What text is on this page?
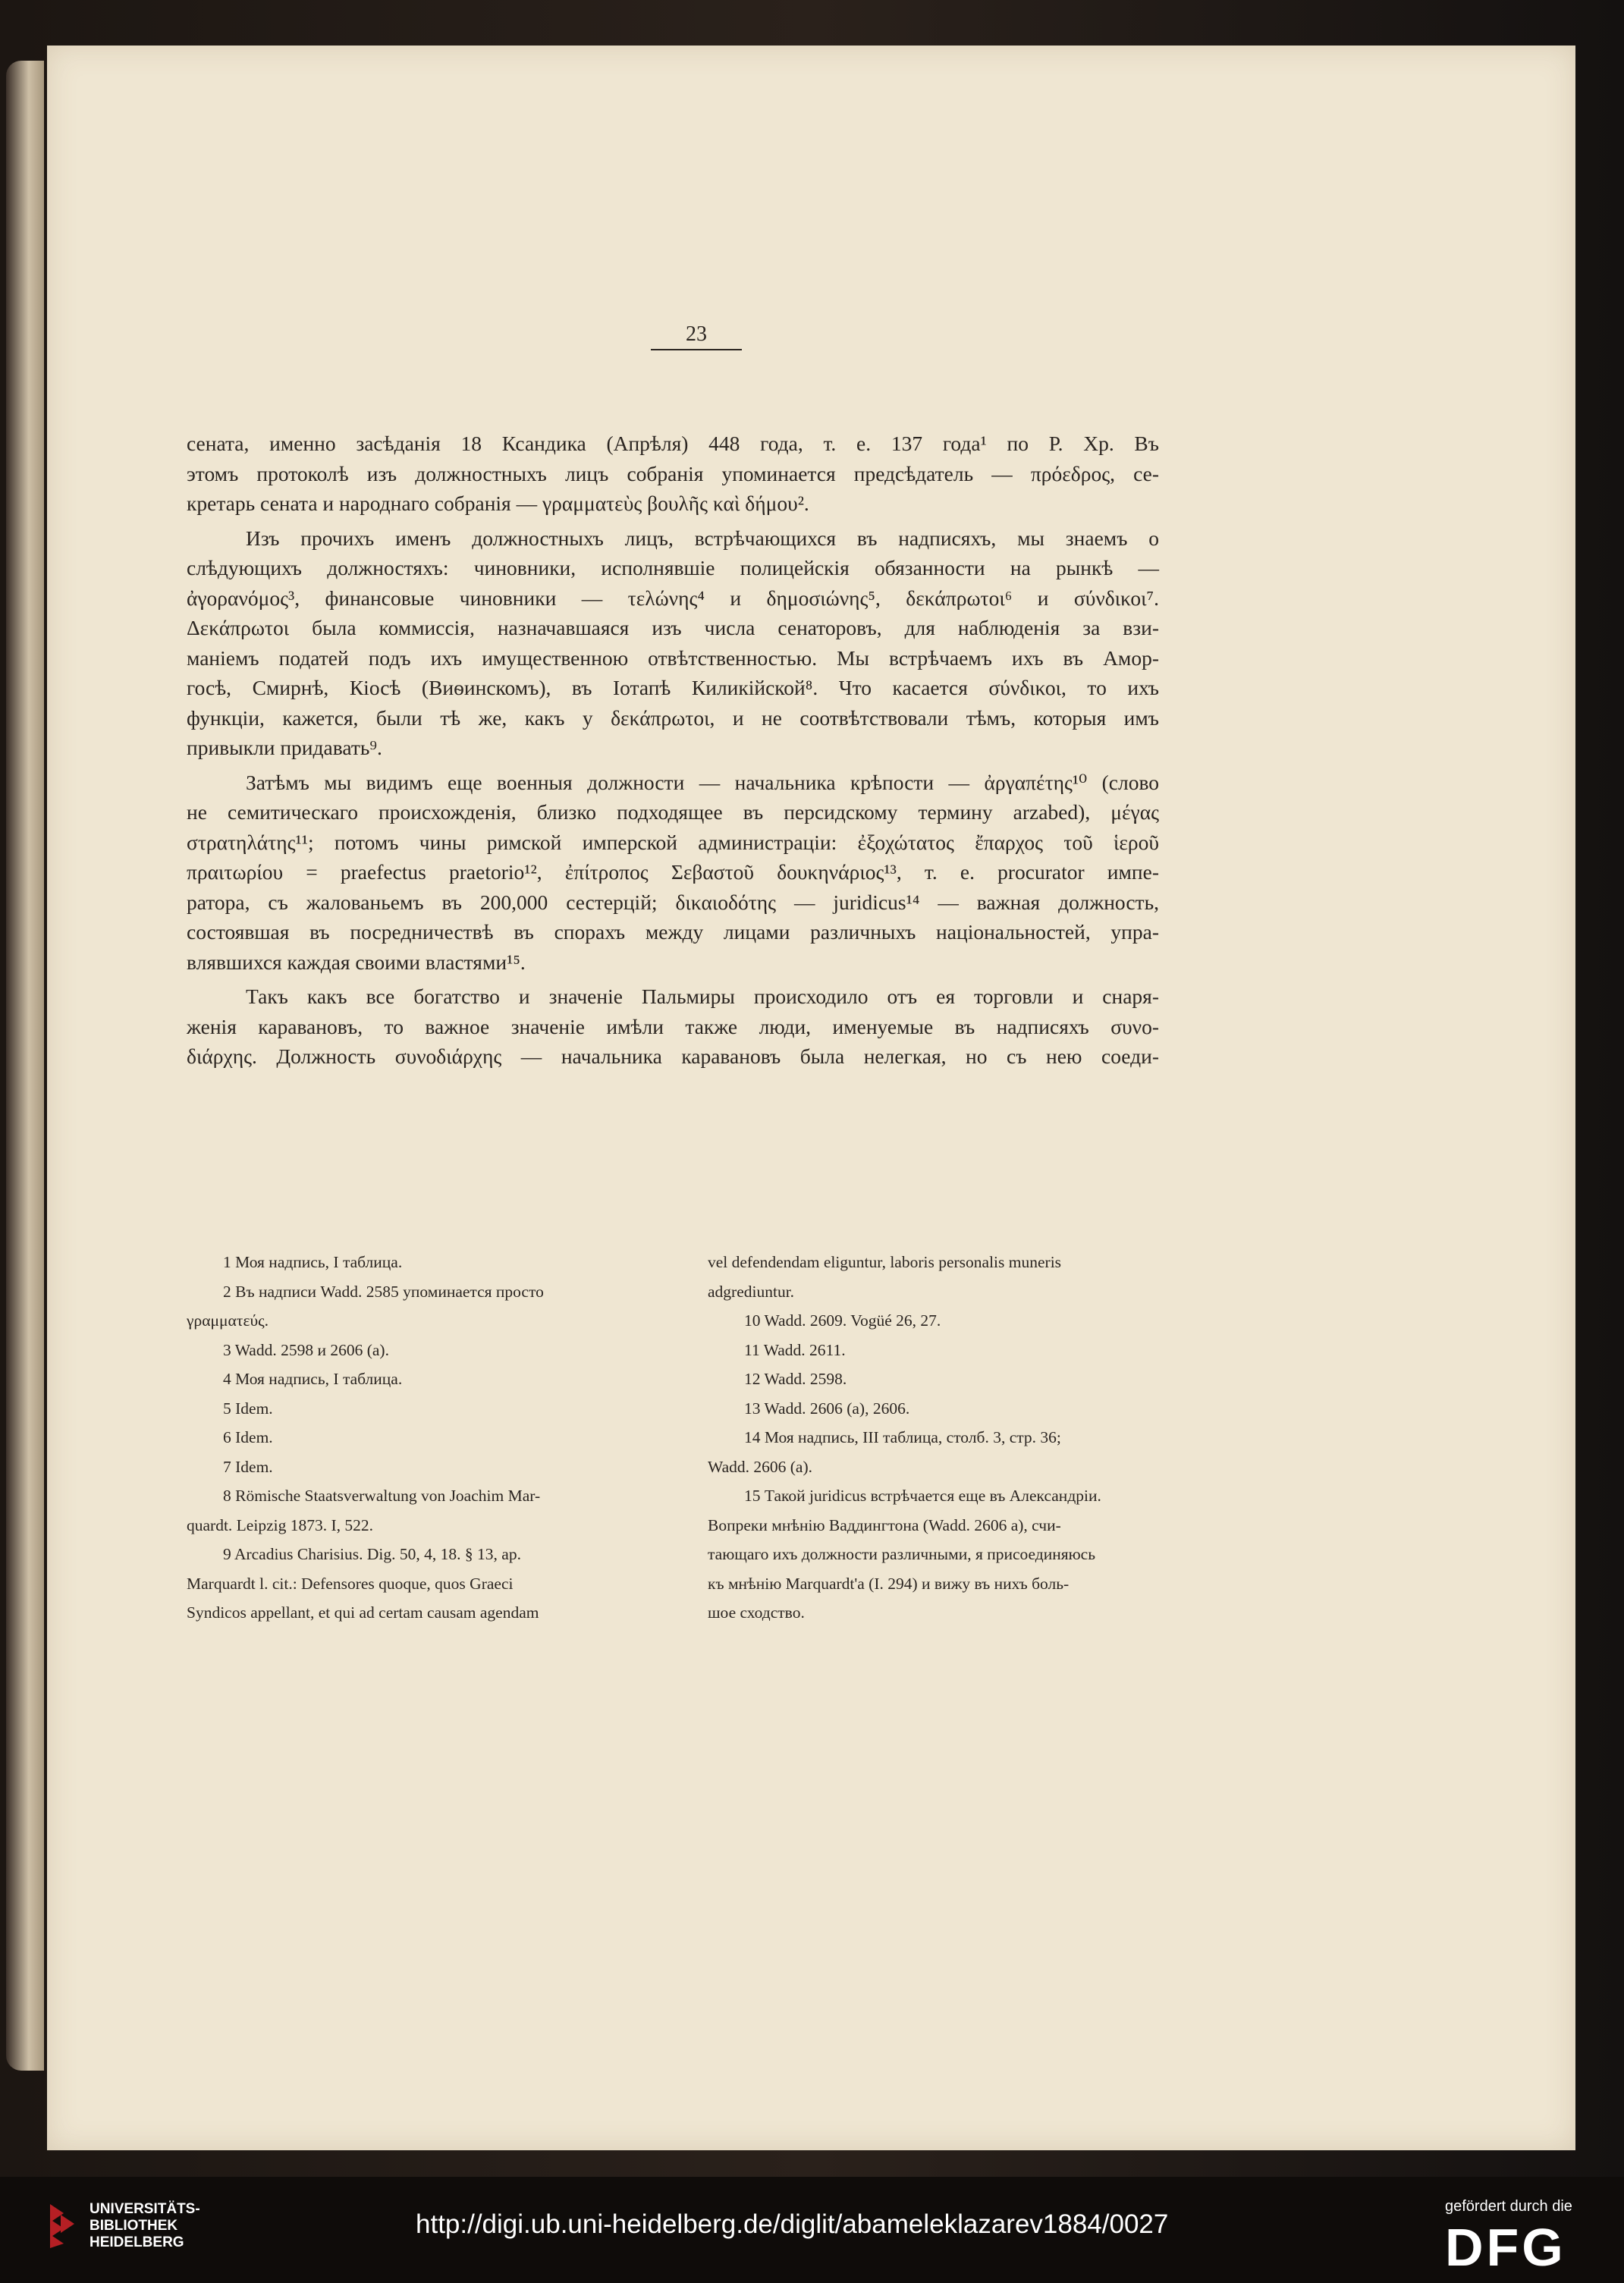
23
сената, именно засѣданія 18 Ксандика (Апрѣля) 448 года, т. е. 137 года¹ по Р. Хр. Въ
этомъ протоколѣ изъ должностныхъ лицъ собранія упоминается предсѣдатель — πρόεδρος, се-
кретарь сената и народнаго собранія — γραμματεὺς βουλῆς καὶ δήμου².
Изъ прочихъ именъ должностныхъ лицъ, встрѣчающихся въ надписяхъ, мы знаемъ о
слѣдующихъ должностяхъ: чиновники, исполнявшіе полицейскія обязанности на рынкѣ —
ἀγορανόμος³, финансовые чиновники — τελώνης⁴ и δημοσιώνης⁵, δεκάπρωτοι⁶ и σύνδικοι⁷.
Δεκάπρωτοι была коммиссія, назначавшаяся изъ числа сенаторовъ, для наблюденія за взи-
маніемъ податей подъ ихъ имущественною отвѣтственностью. Мы встрѣчаемъ ихъ въ Амор-
госѣ, Смирнѣ, Кіосѣ (Виѳинскомъ), въ Іотапѣ Киликійской⁸. Что касается σύνδικοι, то ихъ
функціи, кажется, были тѣ же, какъ у δεκάπρωτοι, и не соотвѣтствовали тѣмъ, которыя имъ
привыкли придавать⁹.
Затѣмъ мы видимъ еще военныя должности — начальника крѣпости — ἀργαπέτης¹⁰ (слово
не семитическаго происхожденія, близко подходящее въ персидскому термину arzabed), μέγας
στρατηλάτης¹¹; потомъ чины римской имперской администраціи: ἐξοχώτατος ἔπαρχος τοῦ ἱεροῦ
πραιτωρίου = praefectus praetorio¹², ἐπίτροπος Σεβαστοῦ δουκηνάριος¹³, т. е. procurator импе-
ратора, съ жалованьемъ въ 200,000 сестерцій; δικαιοδότης — juridicus¹⁴ — важная должность,
состоявшая въ посредничествѣ въ спорахъ между лицами различныхъ національностей, упра-
влявшихся каждая своими властями¹⁵.
Такъ какъ все богатство и значеніе Пальмиры происходило отъ ея торговли и снаря-
женія каравановъ, то важное значеніе имѣли также люди, именуемые въ надписяхъ συνο-
διάρχης. Должность συνοδιάρχης — начальника каравановъ была нелегкая, но съ нею соеди-
1 Моя надпись, I таблица.
2 Въ надписи Wadd. 2585 упоминается просто
γραμματεύς.
3 Wadd. 2598 и 2606 (a).
4 Моя надпись, I таблица.
5 Idem.
6 Idem.
7 Idem.
8 Römische Staatsverwaltung von Joachim Mar-
quardt. Leipzig 1873. I, 522.
9 Arcadius Charisius. Dig. 50, 4, 18. § 13, ap.
Marquardt l. cit.: Defensores quoque, quos Graeci
Syndicos appellant, et qui ad certam causam agendam
vel defendendam eliguntur, laboris personalis muneris
adgrediuntur.
10 Wadd. 2609. Vogüé 26, 27.
11 Wadd. 2611.
12 Wadd. 2598.
13 Wadd. 2606 (a), 2606.
14 Моя надпись, III таблица, столб. 3, стр. 36;
Wadd. 2606 (a).
15 Такой juridicus встрѣчается еще въ Александріи.
Вопреки мнѣнію Ваддингтона (Wadd. 2606 a), счи-
тающаго ихъ должности различными, я присоединяюсь
къ мнѣнію Marquardt'a (I. 294) и вижу въ нихъ боль-
шое сходство.
UNIVERSITÄTS-
BIBLIOTHEK
HEIDELBERG
http://digi.ub.uni-heidelberg.de/diglit/abameleklazarev1884/0027
gefördert durch die
DFG
